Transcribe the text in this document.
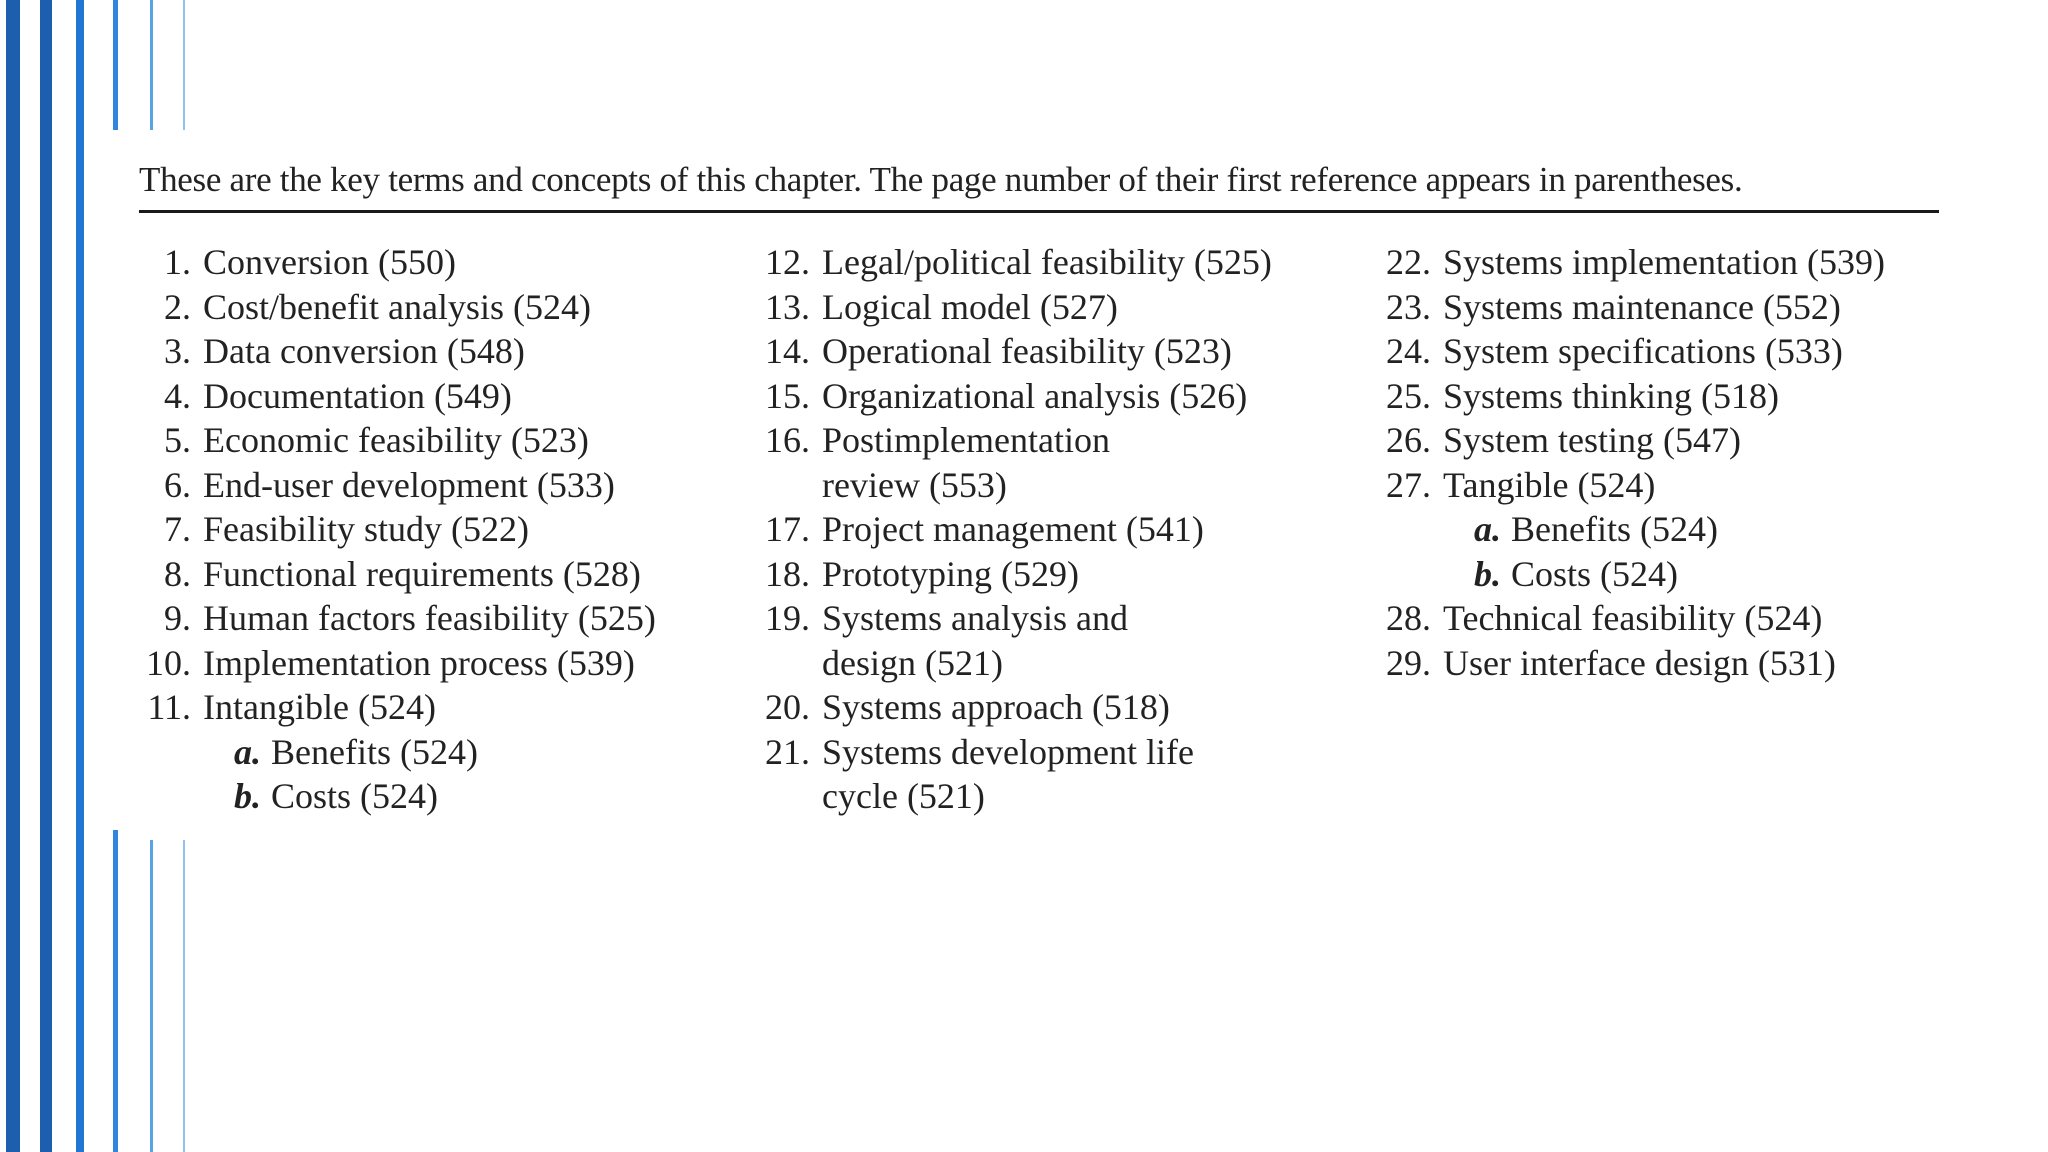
These are the key terms and concepts of this chapter. The page number of their first reference appears in parentheses.
1. Conversion (550)
2. Cost/benefit analysis (524)
3. Data conversion (548)
4. Documentation (549)
5. Economic feasibility (523)
6. End-user development (533)
7. Feasibility study (522)
8. Functional requirements (528)
9. Human factors feasibility (525)
10. Implementation process (539)
11. Intangible (524)
a. Benefits (524)
b. Costs (524)
12. Legal/political feasibility (525)
13. Logical model (527)
14. Operational feasibility (523)
15. Organizational analysis (526)
16. Postimplementation
review (553)
17. Project management (541)
18. Prototyping (529)
19. Systems analysis and
design (521)
20. Systems approach (518)
21. Systems development life
cycle (521)
22. Systems implementation (539)
23. Systems maintenance (552)
24. System specifications (533)
25. Systems thinking (518)
26. System testing (547)
27. Tangible (524)
a. Benefits (524)
b. Costs (524)
28. Technical feasibility (524)
29. User interface design (531)
